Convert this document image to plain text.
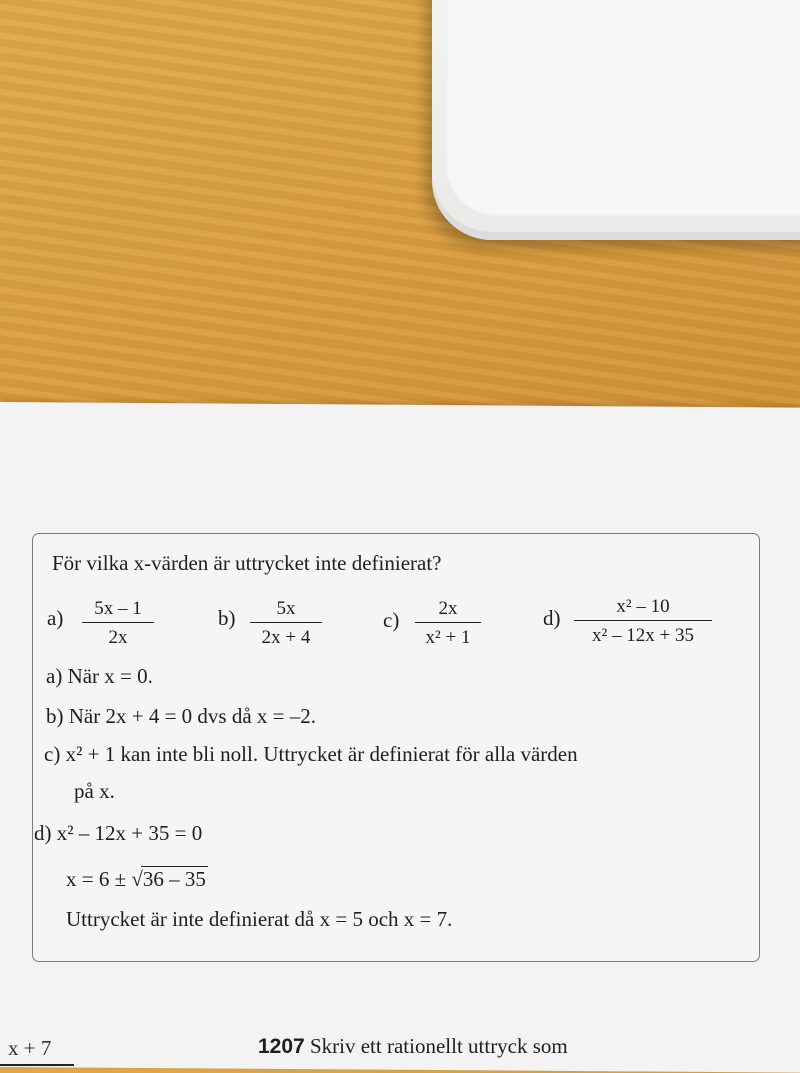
För vilka x-värden är uttrycket inte definierat?
$a) \frac{5x - 1}{2x}$	$b) \frac{5x}{2x + 4}$	$c) \frac{2x}{\text{x² + 1}}$	$d) \frac{\text{x² – 10}}{\text{x² – 12x + 35}}$
a) När x = 0.
b) När 2x + 4 = 0 dvs då x = –2.
c) x² + 1 kan inte bli noll. Uttrycket är definierat för alla värden
på x.
d) x² – 12x + 35 = 0
x = 6 ± √36 – 35
Uttrycket är inte definierat då x = 5 och x = 7.
x + 7	1207 Skriv ett rationellt uttryck som
